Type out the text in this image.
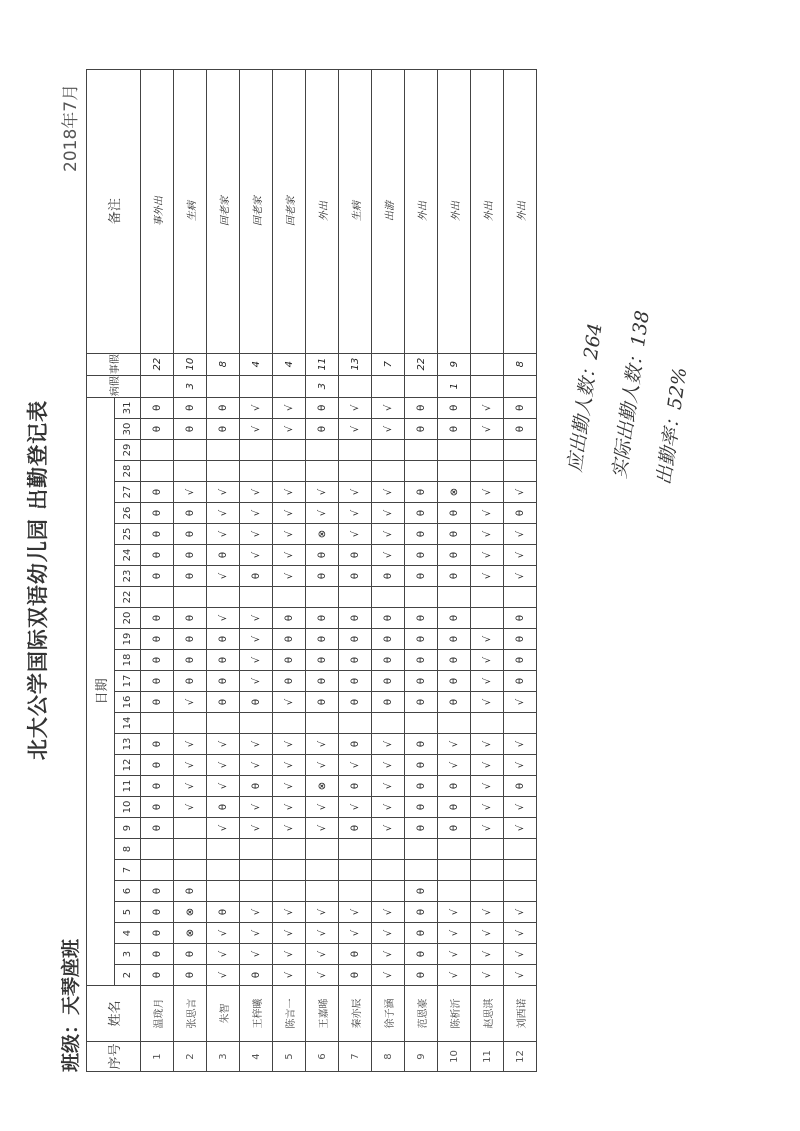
北大公学国际双语幼儿园 出勤登记表
班级：天琴座班
2018年7月
序号	姓名	日期																												病假	事假	备注
		2	3	4	5	6	7	8	9	10	11	12	13	14	16	17	18	19	20	22	23	24	25	26	27	28	29	30	31			
1	温珑月	θ	θ	θ	θ	θ			θ	θ	θ	θ	θ		θ	θ	θ	θ	θ		θ	θ	θ	θ	θ			θ	θ		22	事外出
2	张思言	θ	θ	⊗	⊗	θ				√	√	√	√		√	θ	θ	θ	θ		θ	θ	θ	θ	√			θ	θ	3	10	生病
3	朱智	√	√	√	θ				√	θ	√	√	√		θ	θ	θ	θ	√		√	θ	√	√	√			θ	θ		8	回老家
4	王梓曦	θ	√	√	√				√	√	θ	√	√		θ	√	√	√	√		θ	√	√	√	√			√	√		4	回老家
5	陈言一	√	√	√	√				√	√	√	√	√		√	θ	θ	θ	θ		√	√	√	√	√			√	√		4	回老家
6	王嘉晞	√	√	√	√				√	√	⊗	√	√		θ	θ	θ	θ	θ		θ	θ	⊗	√	√			θ	θ	3	11	外出
7	秦亦辰	θ	θ	√	√				θ	√	θ	√	θ		θ	θ	θ	θ	θ		θ	θ	√	√	√			√	√		13	生病
8	徐子涵	√	√	√	√				√	√	√	√	√		θ	θ	θ	θ	θ		θ	√	√	√	√			√	√		7	出游
9	范恩豪	θ	θ	θ	θ	θ			θ	θ	θ	θ	θ		θ	θ	θ	θ	θ		θ	θ	θ	θ	θ			θ	θ		22	外出
10	陈析沂	√	√	√	√				θ	θ	θ	√	√		θ	θ	θ	θ	θ		θ	θ	θ	θ	⊗			θ	θ	1	9	外出
11	赵思淇	√	√	√	√				√	√	√	√	√		√	√	√	√			√	√	√	√	√			√	√			外出
12	刘西诺	√	√	√	√				√	√	θ	√	√		√	θ	θ	θ	θ		√	√	√	θ	√			θ	θ		8	外出
应出勤人数：264 实际出勤人数：138 出勤率：52%
